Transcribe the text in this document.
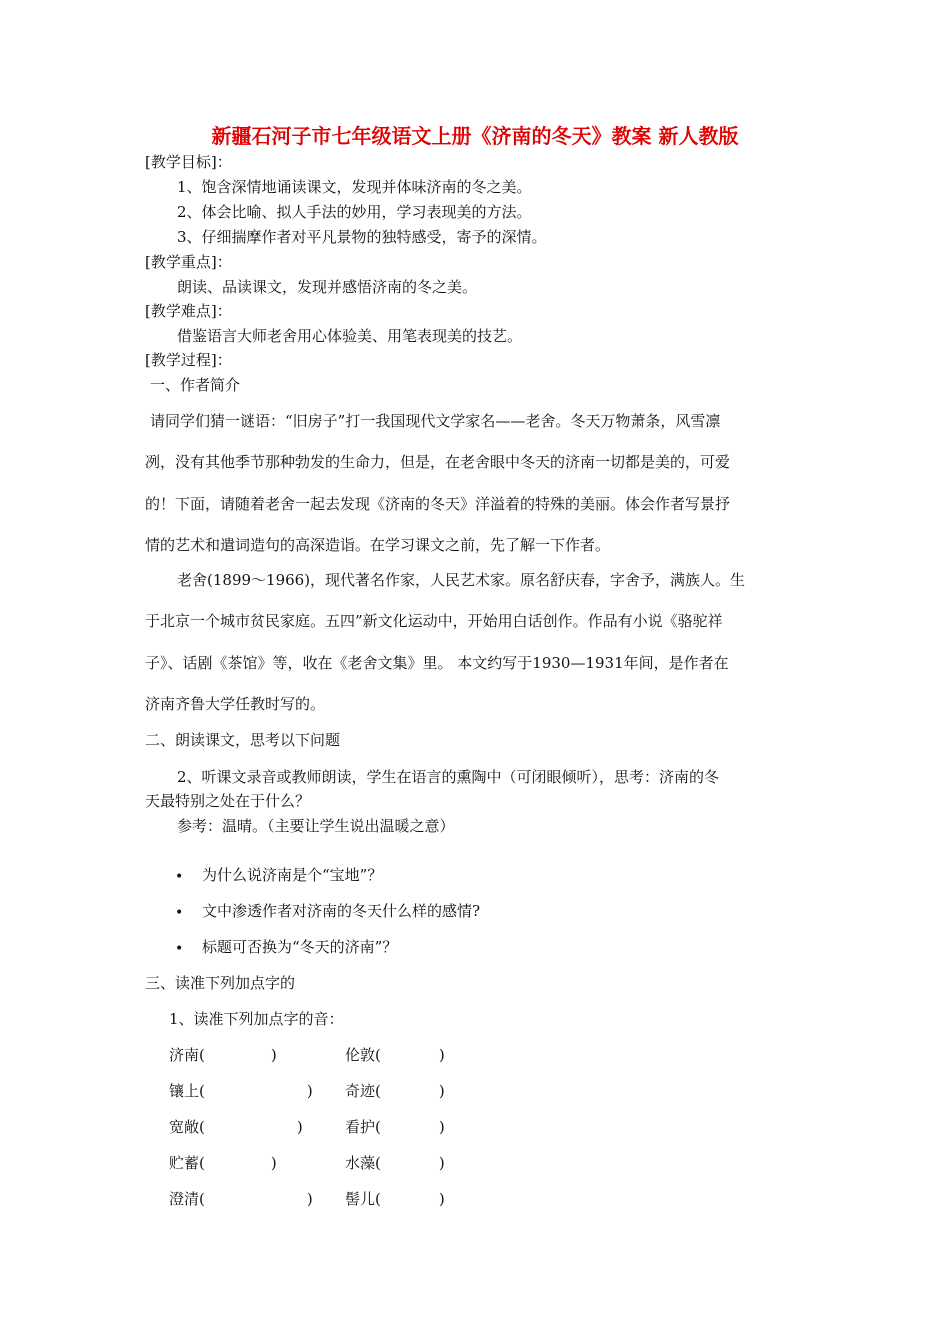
新疆石河子市七年级语文上册《济南的冬天》教案 新人教版
[教学目标]：
1、饱含深情地诵读课文，发现并体味济南的冬之美。
2、体会比喻、拟人手法的妙用，学习表现美的方法。
3、仔细揣摩作者对平凡景物的独特感受，寄予的深情。
[教学重点]：
朗读、品读课文，发现并感悟济南的冬之美。
[教学难点]：
借鉴语言大师老舍用心体验美、用笔表现美的技艺。
[教学过程]：
一、作者简介
请同学们猜一谜语：“旧房子”打一我国现代文学家名——老舍。冬天万物萧条，风雪凛
冽，没有其他季节那种勃发的生命力，但是，在老舍眼中冬天的济南一切都是美的，可爱
的！下面，请随着老舍一起去发现《济南的冬天》洋溢着的特殊的美丽。体会作者写景抒
情的艺术和遣词造句的高深造诣。在学习课文之前，先了解一下作者。
老舍(1899～1966)，现代著名作家，人民艺术家。原名舒庆春，字舍予，满族人。生
于北京一个城市贫民家庭。五四”新文化运动中，开始用白话创作。作品有小说《骆驼祥
子》、话剧《茶馆》等，收在《老舍文集》里。 本文约写于1930—1931年间，是作者在
济南齐鲁大学任教时写的。
二、朗读课文，思考以下问题
2、听课文录音或教师朗读，学生在语言的熏陶中（可闭眼倾听），思考：济南的冬
天最特别之处在于什么？
参考：温晴。（主要让学生说出温暖之意）
• 为什么说济南是个“宝地”？
• 文中渗透作者对济南的冬天什么样的感情?
• 标题可否换为“冬天的济南”？
三、读准下列加点字的
1、读准下列加点字的音：
济南(	)	伦敦(	)
镶上(	) 奇迹(	)
宽敞(	)	看护(	)
贮蓄(	)	水藻(	)
澄清(	) 髻儿(	)
